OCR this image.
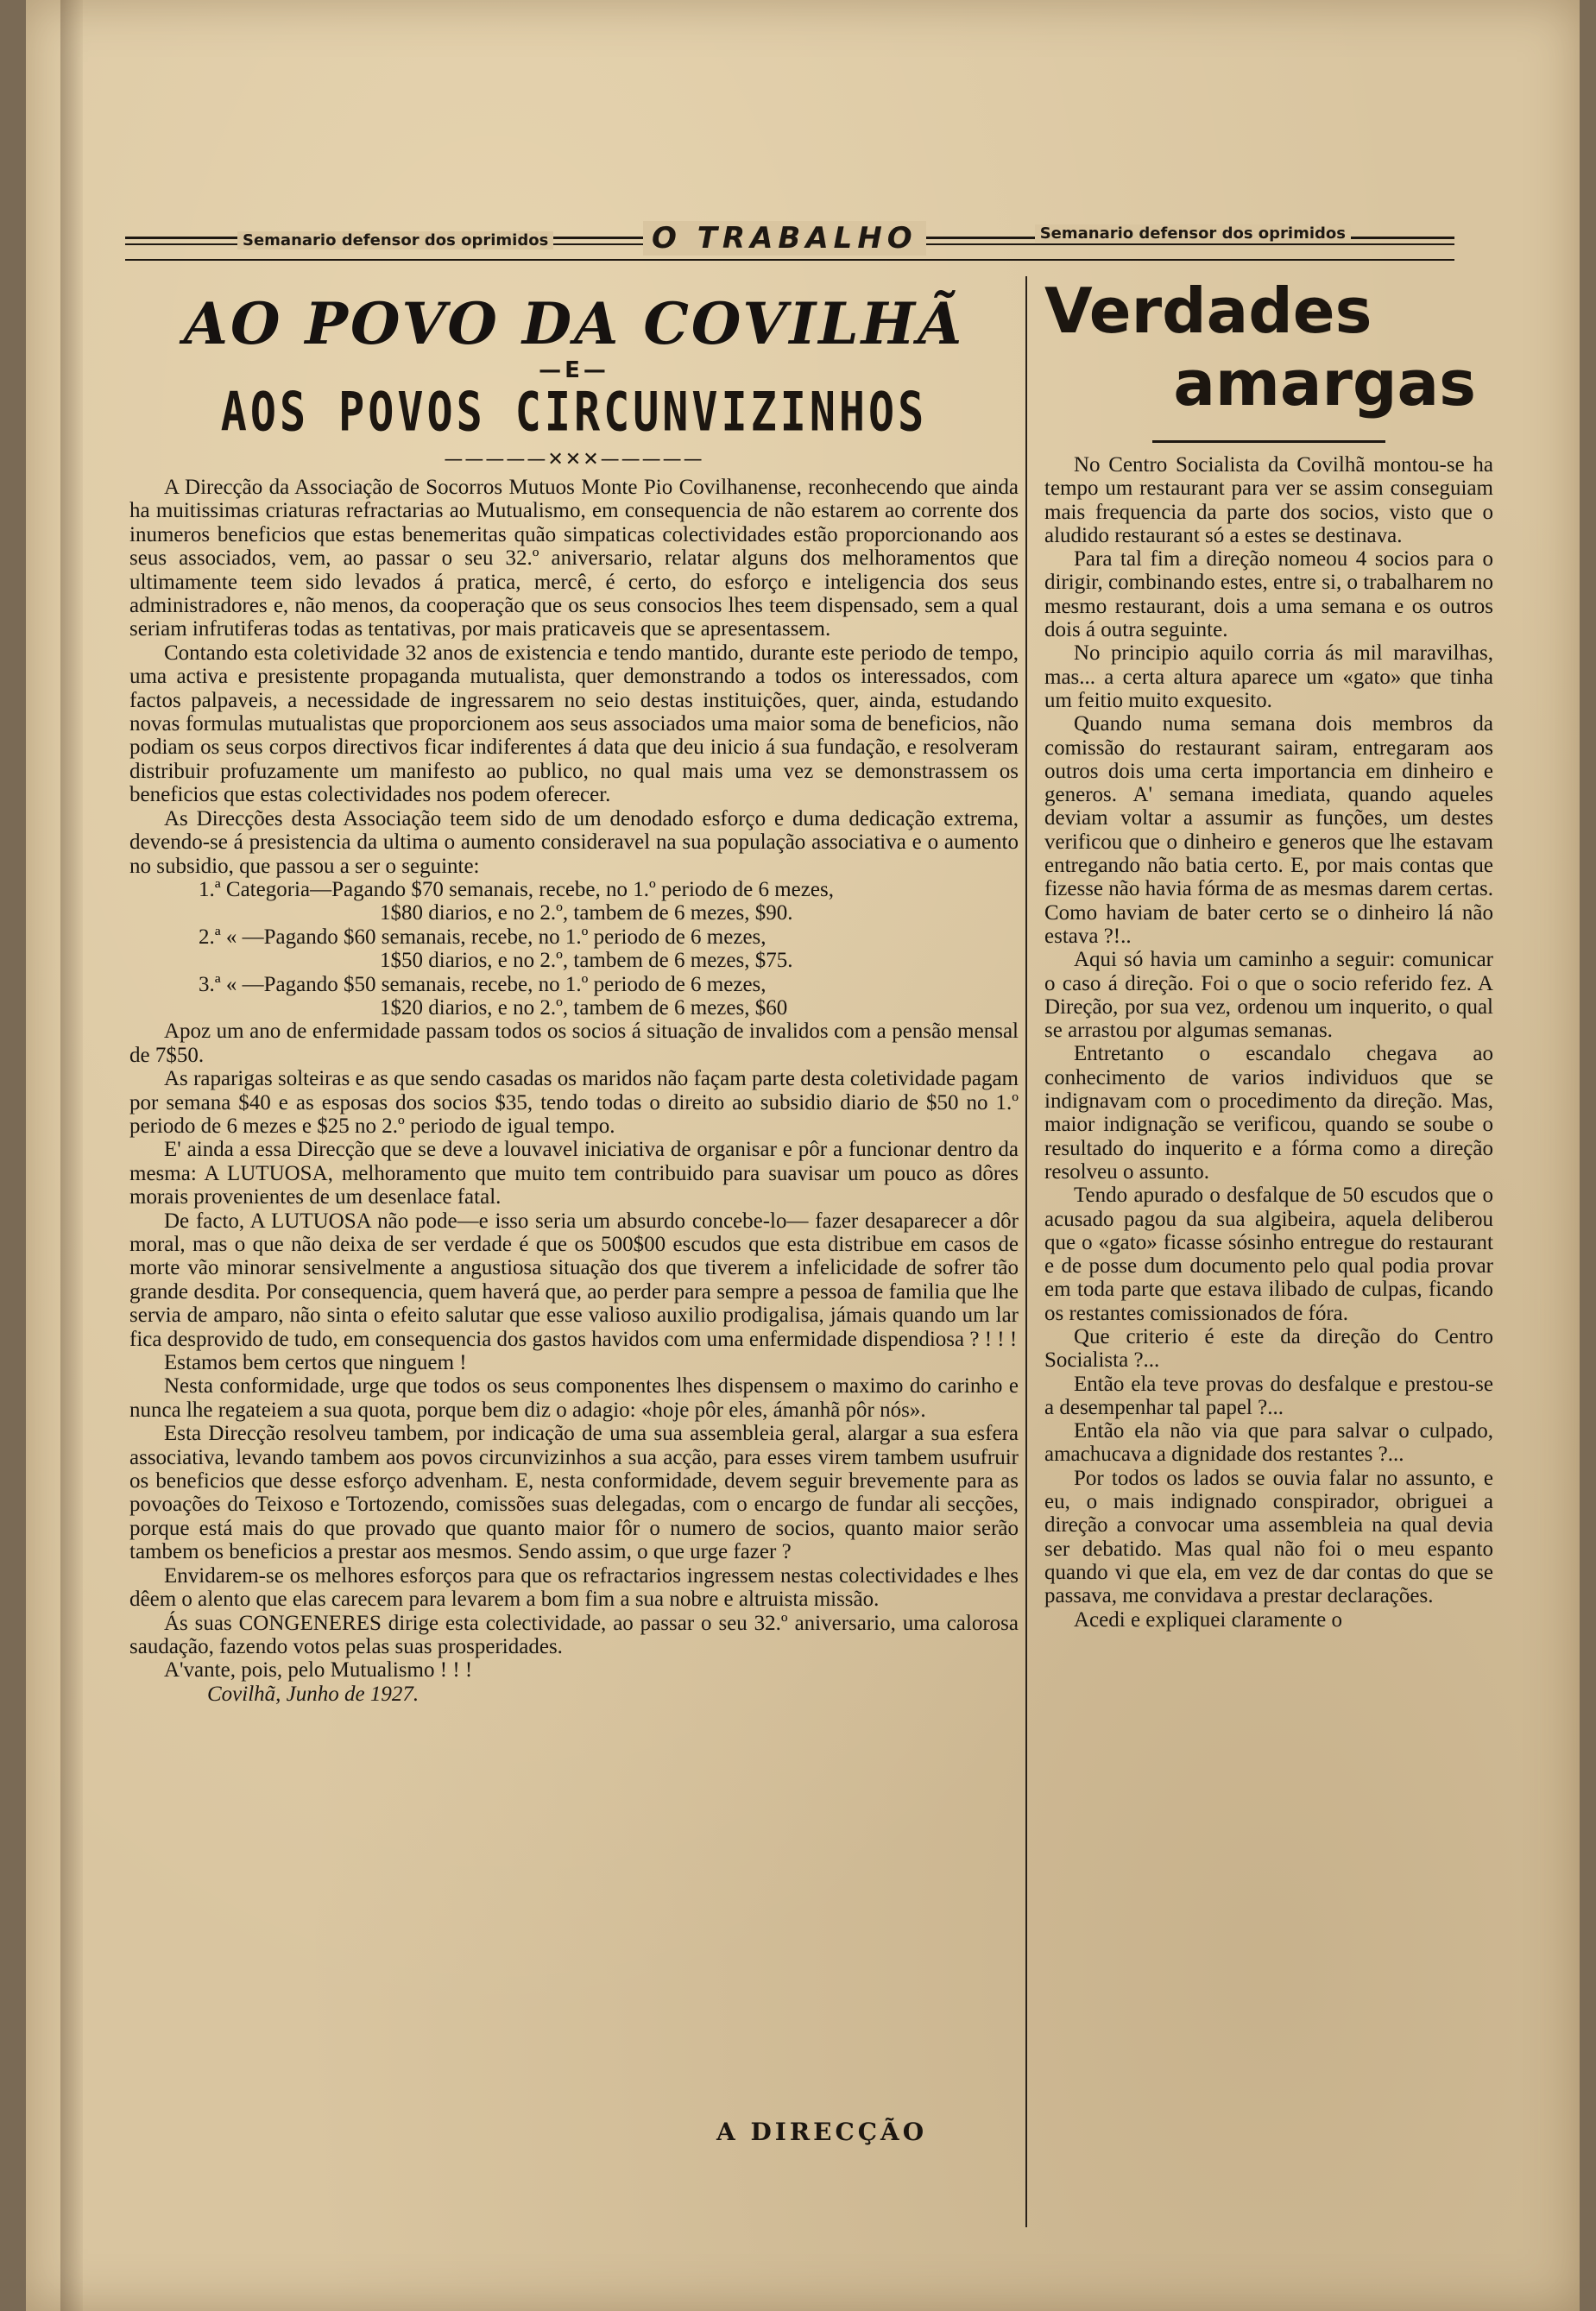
Semanario defensor dos oprimidos	O TRABALHO	Semanario defensor dos oprimidos
AO POVO DA COVILHÃ

—E—

AOS POVOS CIRCUNVIZINHOS
—————✕✕✕—————

A Direcção da Associação de Socorros Mutuos Monte Pio Covilhanense, reconhecendo que ainda ha muitissimas criaturas refractarias ao Mutualismo, em consequencia de não estarem ao corrente dos inumeros beneficios que estas benemeritas quão simpaticas colectividades estão proporcionando aos seus associados, vem, ao passar o seu 32.º aniversario, relatar alguns dos melhoramentos que ultimamente teem sido levados á pratica, mercê, é certo, do esforço e inteligencia dos seus administradores e, não menos, da cooperação que os seus consocios lhes teem dispensado, sem a qual seriam infrutiferas todas as tentativas, por mais praticaveis que se apresentassem.

Contando esta coletividade 32 anos de existencia e tendo mantido, durante este periodo de tempo, uma activa e presistente propaganda mutualista, quer demonstrando a todos os interessados, com factos palpaveis, a necessidade de ingressarem no seio destas instituições, quer, ainda, estudando novas formulas mutualistas que proporcionem aos seus associados uma maior soma de beneficios, não podiam os seus corpos directivos ficar indiferentes á data que deu inicio á sua fundação, e resolveram distribuir profuzamente um manifesto ao publico, no qual mais uma vez se demonstrassem os beneficios que estas colectividades nos podem oferecer.

As Direcções desta Associação teem sido de um denodado esforço e duma dedicação extrema, devendo-se á presistencia da ultima o aumento consideravel na sua população associativa e o aumento no subsidio, que passou a ser o seguinte:

1.ª Categoria—Pagando $70 semanais, recebe, no 1.º periodo de 6 mezes,

1$80 diarios, e no 2.º, tambem de 6 mezes, $90.

2.ª « —Pagando $60 semanais, recebe, no 1.º periodo de 6 mezes,

1$50 diarios, e no 2.º, tambem de 6 mezes, $75.

3.ª « —Pagando $50 semanais, recebe, no 1.º periodo de 6 mezes,

1$20 diarios, e no 2.º, tambem de 6 mezes, $60

Apoz um ano de enfermidade passam todos os socios á situação de invalidos com a pensão mensal de 7$50.

As raparigas solteiras e as que sendo casadas os maridos não façam parte desta coletividade pagam por semana $40 e as esposas dos socios $35, tendo todas o direito ao subsidio diario de $50 no 1.º periodo de 6 mezes e $25 no 2.º periodo de igual tempo.

E' ainda a essa Direcção que se deve a louvavel iniciativa de organisar e pôr a funcionar dentro da mesma: A LUTUOSA, melhoramento que muito tem contribuido para suavisar um pouco as dôres morais provenientes de um desenlace fatal.

De facto, A LUTUOSA não pode—e isso seria um absurdo concebe-lo— fazer desaparecer a dôr moral, mas o que não deixa de ser verdade é que os 500$00 escudos que esta distribue em casos de morte vão minorar sensivelmente a angustiosa situação dos que tiverem a infelicidade de sofrer tão grande desdita. Por consequencia, quem haverá que, ao perder para sempre a pessoa de familia que lhe servia de amparo, não sinta o efeito salutar que esse valioso auxilio prodigalisa, jámais quando um lar fica desprovido de tudo, em consequencia dos gastos havidos com uma enfermidade dispendiosa ? ! ! !

Estamos bem certos que ninguem !

Nesta conformidade, urge que todos os seus componentes lhes dispensem o maximo do carinho e nunca lhe regateiem a sua quota, porque bem diz o adagio: «hoje pôr eles, ámanhã pôr nós».

Esta Direcção resolveu tambem, por indicação de uma sua assembleia geral, alargar a sua esfera associativa, levando tambem aos povos circunvizinhos a sua acção, para esses virem tambem usufruir os beneficios que desse esforço advenham. E, nesta conformidade, devem seguir brevemente para as povoações do Teixoso e Tortozendo, comissões suas delegadas, com o encargo de fundar ali secções, porque está mais do que provado que quanto maior fôr o numero de socios, quanto maior serão tambem os beneficios a prestar aos mesmos. Sendo assim, o que urge fazer ?

Envidarem-se os melhores esforços para que os refractarios ingressem nestas colectividades e lhes dêem o alento que elas carecem para levarem a bom fim a sua nobre e altruista missão.

Ás suas CONGENERES dirige esta colectividade, ao passar o seu 32.º aniversario, uma calorosa saudação, fazendo votos pelas suas prosperidades.

A'vante, pois, pelo Mutualismo ! ! !

Covilhã, Junho de 1927.

A DIRECÇÃO
Verdades
amargas

No Centro Socialista da Covilhã montou-se ha tempo um restaurant para ver se assim conseguiam mais frequencia da parte dos socios, visto que o aludido restaurant só a estes se destinava.

Para tal fim a direção nomeou 4 socios para o dirigir, combinando estes, entre si, o trabalharem no mesmo restaurant, dois a uma semana e os outros dois á outra seguinte.

No principio aquilo corria ás mil maravilhas, mas... a certa altura aparece um «gato» que tinha um feitio muito exquesito.

Quando numa semana dois membros da comissão do restaurant sairam, entregaram aos outros dois uma certa importancia em dinheiro e generos. A' semana imediata, quando aqueles deviam voltar a assumir as funções, um destes verificou que o dinheiro e generos que lhe estavam entregando não batia certo. E, por mais contas que fizesse não havia fórma de as mesmas darem certas. Como haviam de bater certo se o dinheiro lá não estava ?!..

Aqui só havia um caminho a seguir: comunicar o caso á direção. Foi o que o socio referido fez. A Direção, por sua vez, ordenou um inquerito, o qual se arrastou por algumas semanas.

Entretanto o escandalo chegava ao conhecimento de varios individuos que se indignavam com o procedimento da direção. Mas, maior indignação se verificou, quando se soube o resultado do inquerito e a fórma como a direção resolveu o assunto.

Tendo apurado o desfalque de 50 escudos que o acusado pagou da sua algibeira, aquela deliberou que o «gato» ficasse sósinho entregue do restaurant e de posse dum documento pelo qual podia provar em toda parte que estava ilibado de culpas, ficando os restantes comissionados de fóra.

Que criterio é este da direção do Centro Socialista ?...

Então ela teve provas do desfalque e prestou-se a desempenhar tal papel ?...

Então ela não via que para salvar o culpado, amachucava a dignidade dos restantes ?...

Por todos os lados se ouvia falar no assunto, e eu, o mais indignado conspirador, obriguei a direção a convocar uma assembleia na qual devia ser debatido. Mas qual não foi o meu espanto quando vi que ela, em vez de dar contas do que se passava, me convidava a prestar declarações.

Acedi e expliquei claramente o
